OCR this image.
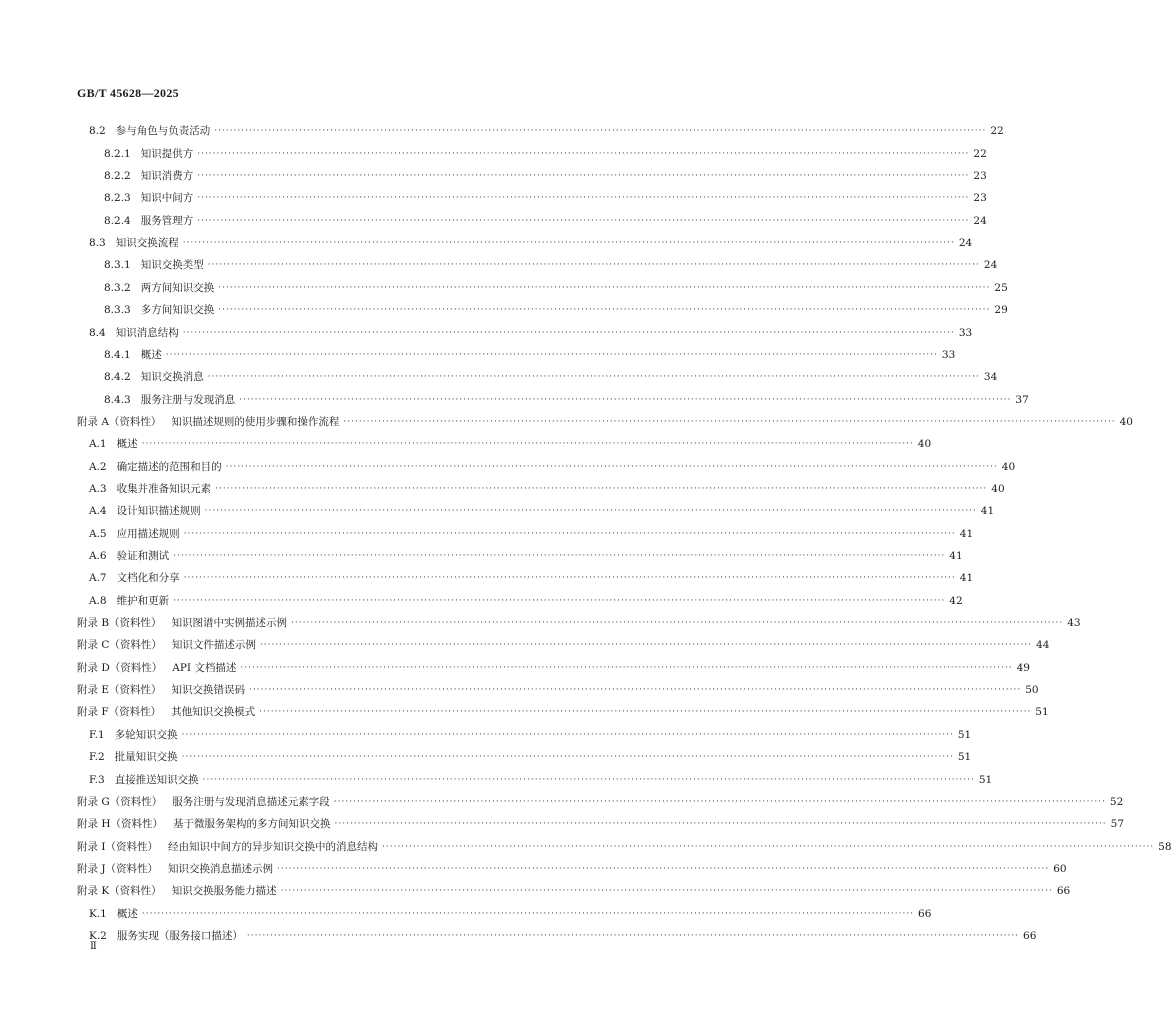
GB/T 45628—2025
8.2 参与角色与负责活动 ········································································································································································································ 22
8.2.1 知识提供方 ········································································································································································································ 22
8.2.2 知识消费方 ········································································································································································································ 23
8.2.3 知识中间方 ········································································································································································································ 23
8.2.4 服务管理方 ········································································································································································································ 24
8.3 知识交换流程 ········································································································································································································ 24
8.3.1 知识交换类型 ········································································································································································································ 24
8.3.2 两方间知识交换 ········································································································································································································ 25
8.3.3 多方间知识交换 ········································································································································································································ 29
8.4 知识消息结构 ········································································································································································································ 33
8.4.1 概述 ········································································································································································································ 33
8.4.2 知识交换消息 ········································································································································································································ 34
8.4.3 服务注册与发现消息 ········································································································································································································ 37
附录 A（资料性） 知识描述规则的使用步骤和操作流程 ········································································································································································································ 40
A.1 概述 ········································································································································································································ 40
A.2 确定描述的范围和目的 ········································································································································································································ 40
A.3 收集并准备知识元素 ········································································································································································································ 40
A.4 设计知识描述规则 ········································································································································································································ 41
A.5 应用描述规则 ········································································································································································································ 41
A.6 验证和测试 ········································································································································································································ 41
A.7 文档化和分享 ········································································································································································································ 41
A.8 维护和更新 ········································································································································································································ 42
附录 B（资料性） 知识图谱中实例描述示例 ········································································································································································································ 43
附录 C（资料性） 知识文件描述示例 ········································································································································································································ 44
附录 D（资料性） API 文档描述 ········································································································································································································ 49
附录 E（资料性） 知识交换错误码 ········································································································································································································ 50
附录 F（资料性） 其他知识交换模式 ········································································································································································································ 51
F.1 多轮知识交换 ········································································································································································································ 51
F.2 批量知识交换 ········································································································································································································ 51
F.3 直接推送知识交换 ········································································································································································································ 51
附录 G（资料性） 服务注册与发现消息描述元素字段 ········································································································································································································ 52
附录 H（资料性） 基于微服务架构的多方间知识交换 ········································································································································································································ 57
附录 I（资料性） 经由知识中间方的异步知识交换中的消息结构 ········································································································································································································ 58
附录 J（资料性） 知识交换消息描述示例 ········································································································································································································ 60
附录 K（资料性） 知识交换服务能力描述 ········································································································································································································ 66
K.1 概述 ········································································································································································································ 66
K.2 服务实现（服务接口描述） ········································································································································································································ 66
Ⅱ
